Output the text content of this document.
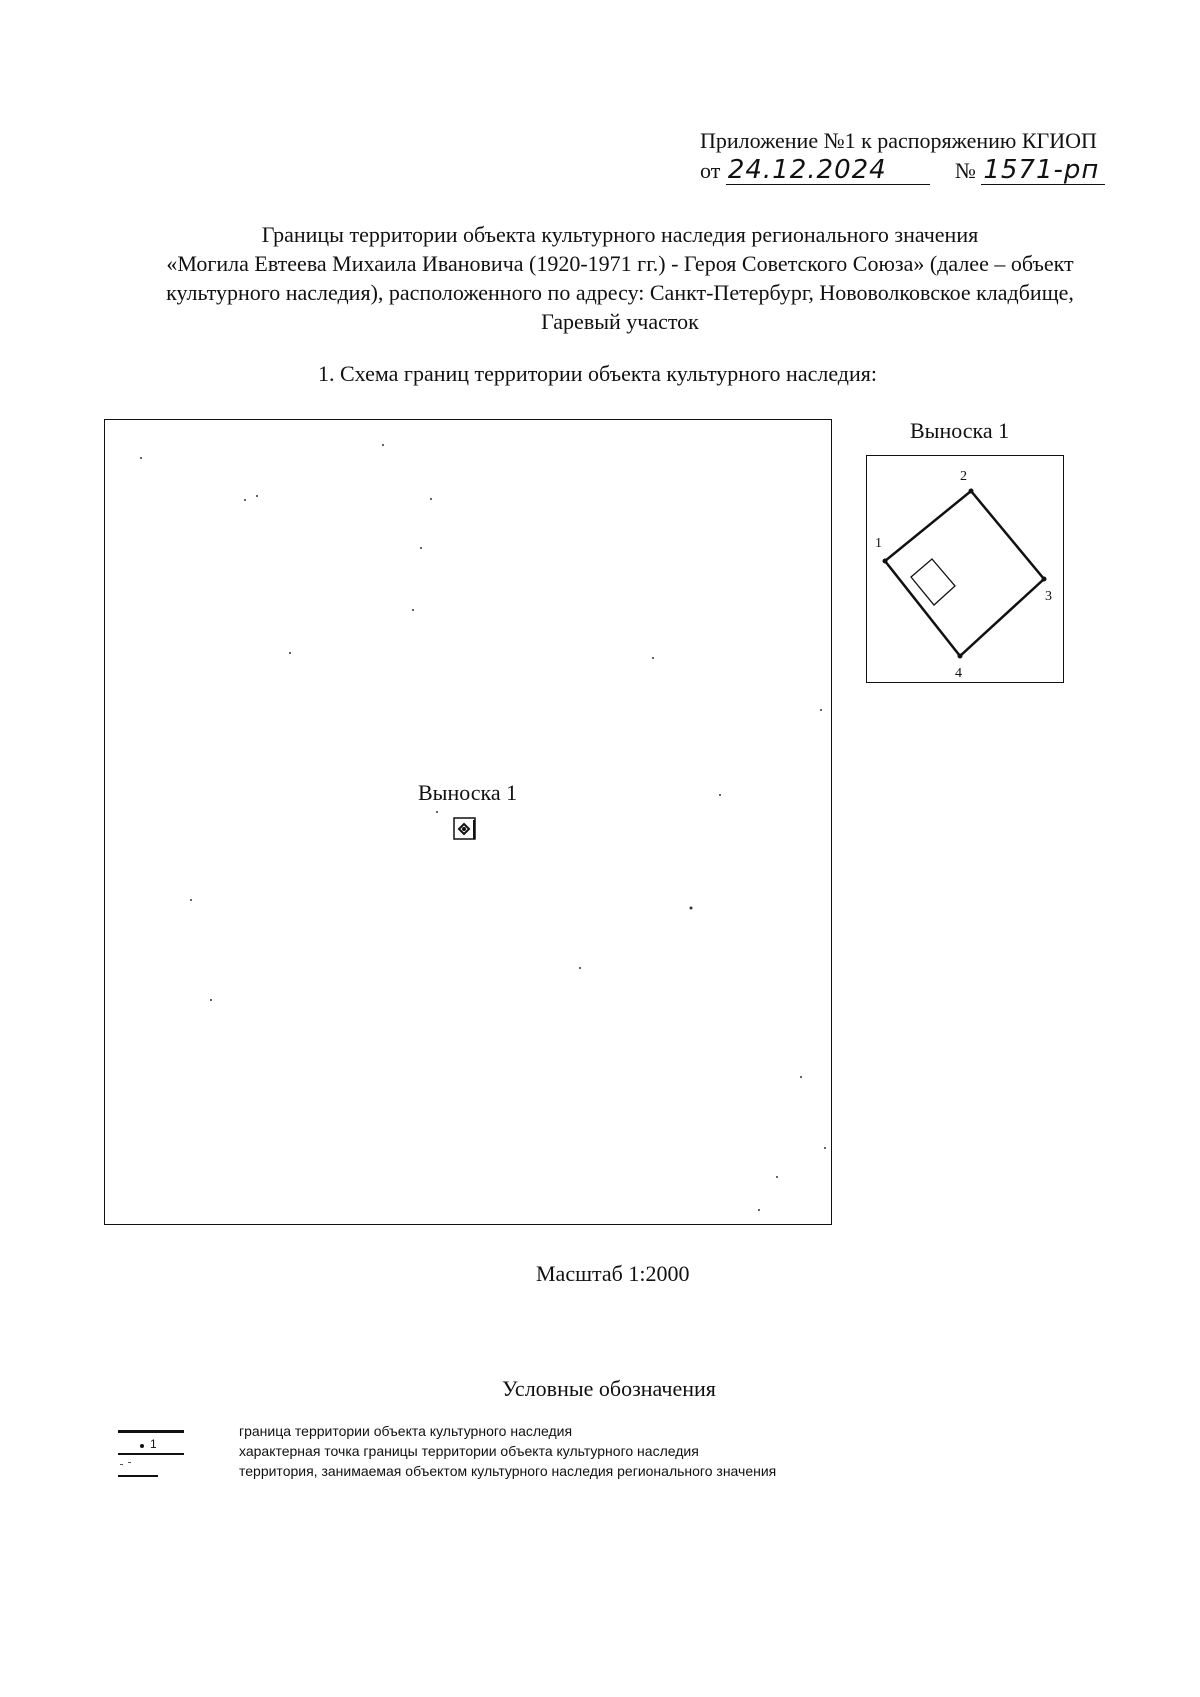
Приложение №1 к распоряжению КГИОП
от 24.12.2024	№ 1571-рп
Границы территории объекта культурного наследия регионального значения
«Могила Евтеева Михаила Ивановича (1920-1971 гг.) - Героя Советского Союза» (далее – объект
культурного наследия), расположенного по адресу: Санкт-Петербург, Нововолковское кладбище,
Гаревый участок
1. Схема границ территории объекта культурного наследия:
Выноска 1
Выноска 1
1
2
3
4
Масштаб 1:2000
Условные обозначения
граница территории объекта культурного наследия
1	характерная точка границы территории объекта культурного наследия
территория, занимаемая объектом культурного наследия регионального значения
